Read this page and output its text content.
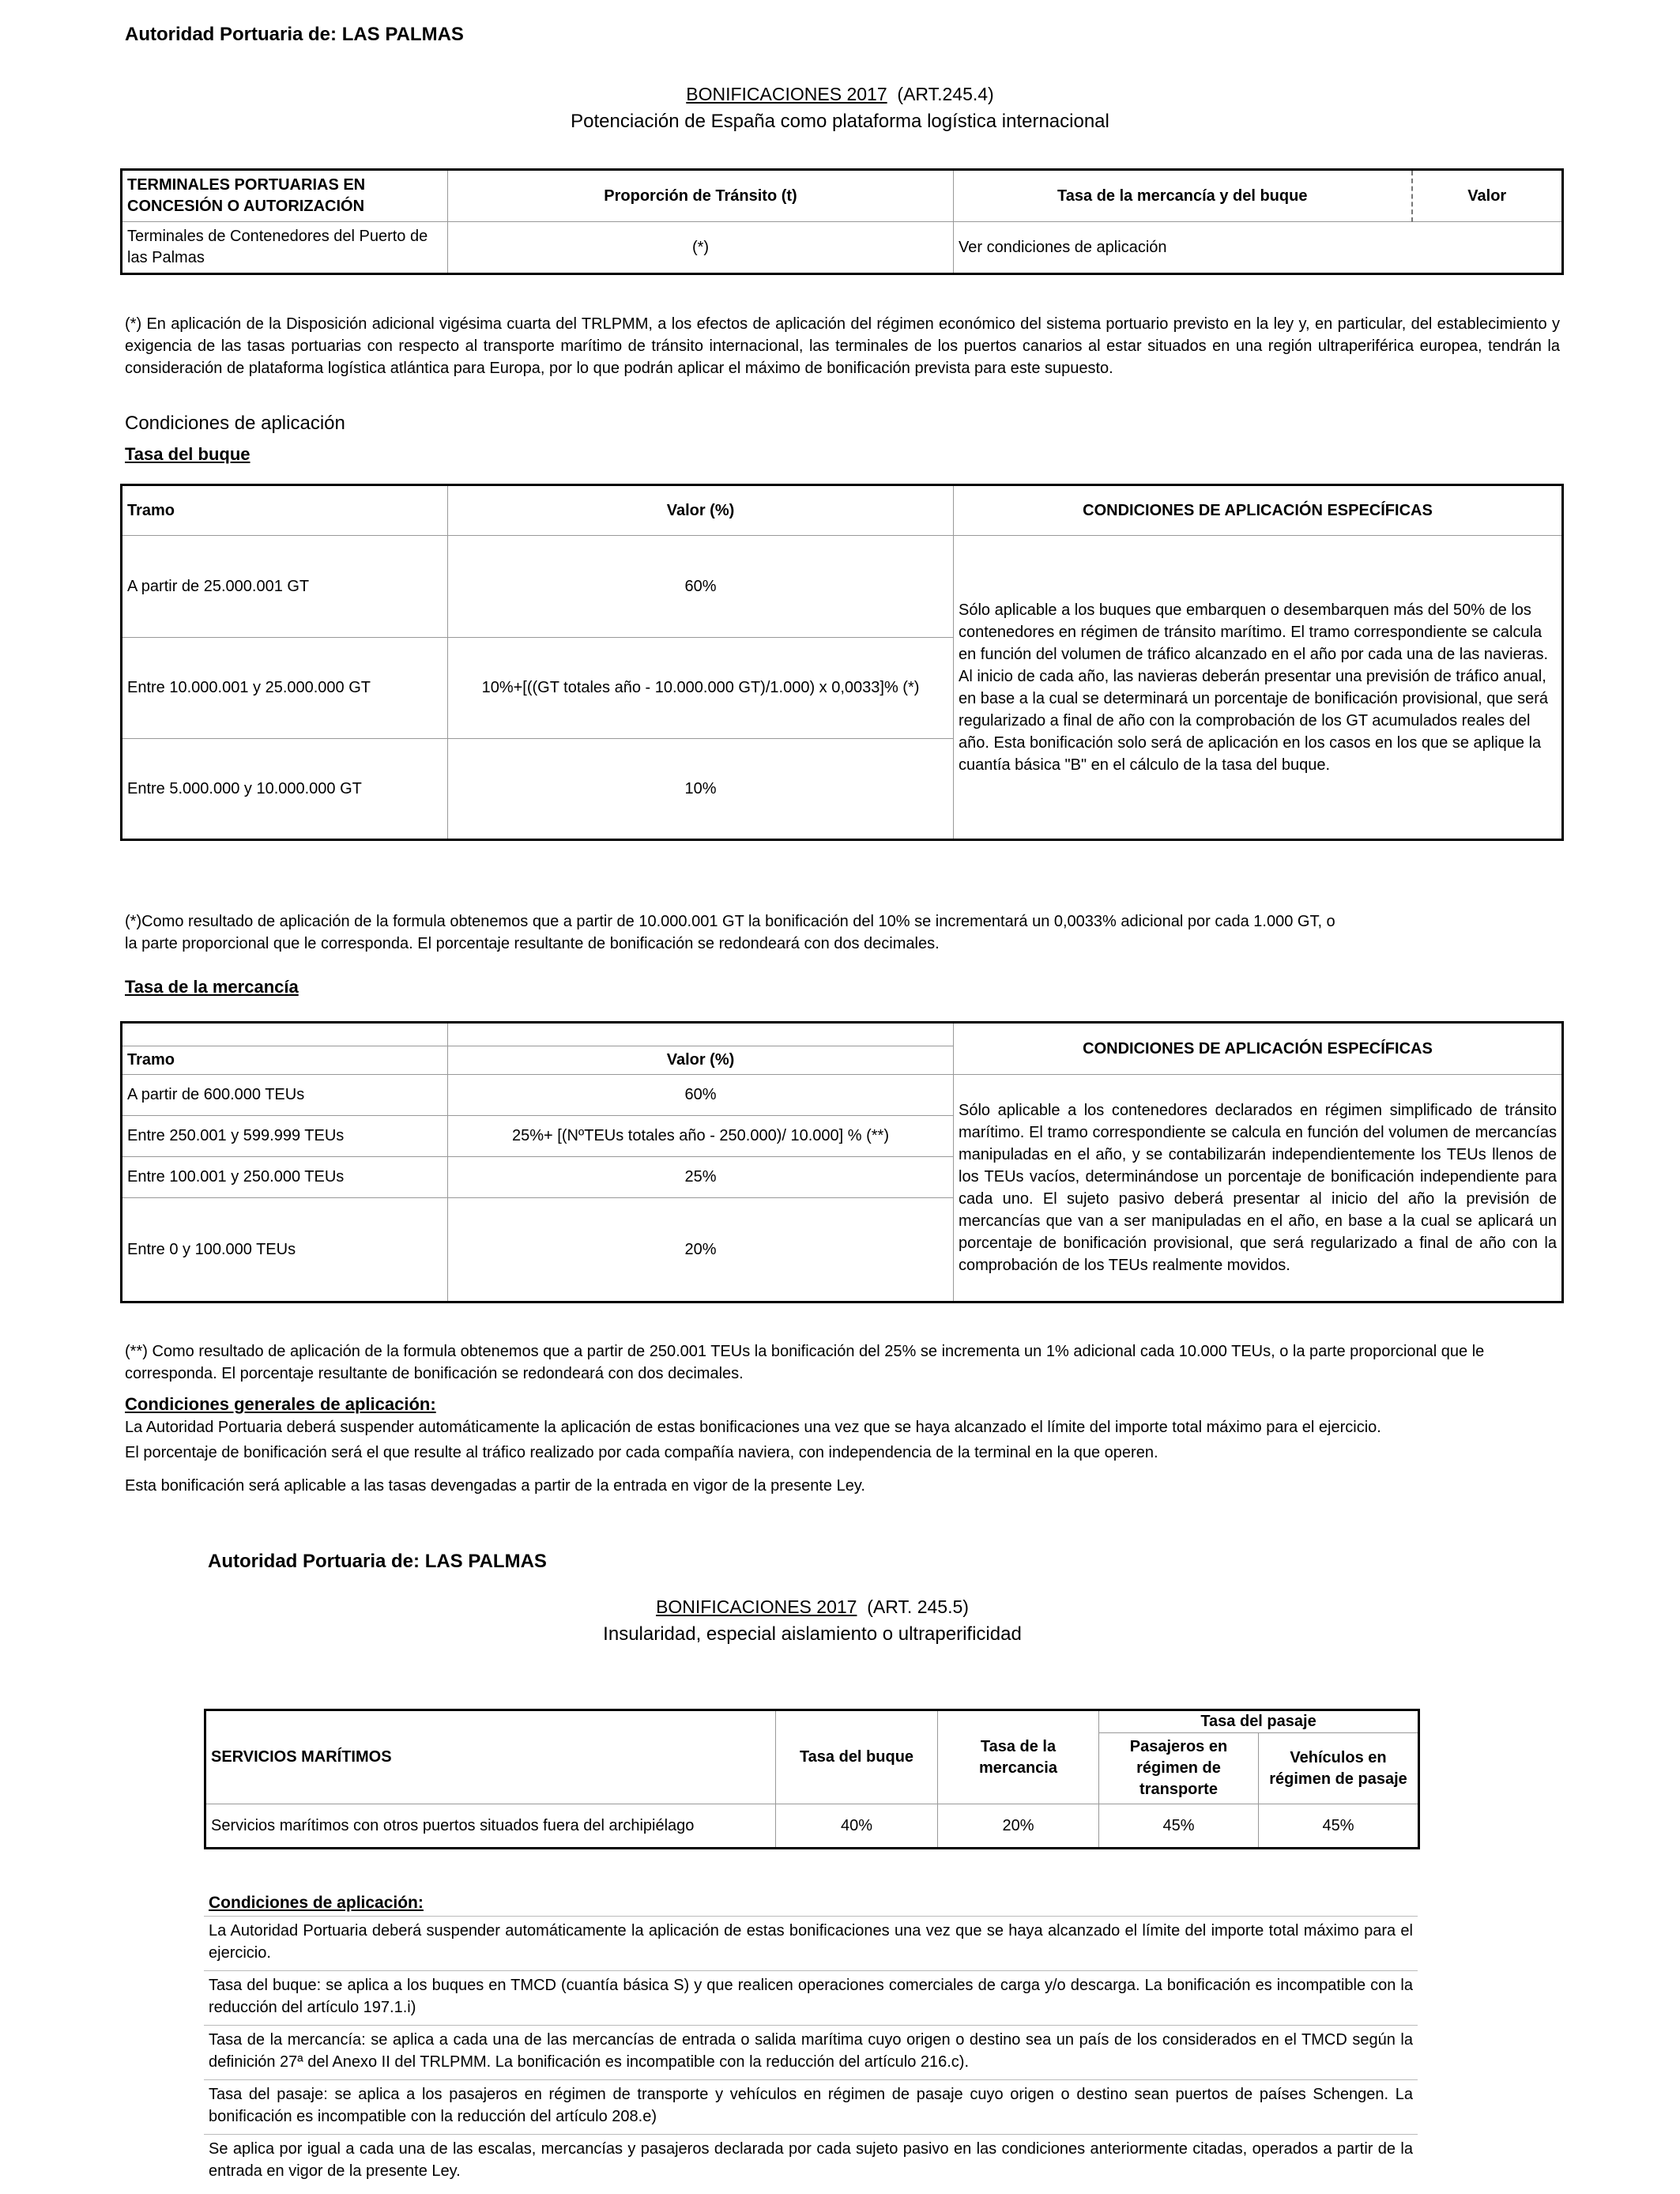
Autoridad Portuaria de: LAS PALMAS
BONIFICACIONES 2017 (ART.245.4)
Potenciación de España como plataforma logística internacional
TERMINALES PORTUARIAS EN CONCESIÓN O AUTORIZACIÓN	Proporción de Tránsito (t)	Tasa de la mercancía y del buque	Valor
Terminales de Contenedores del Puerto de las Palmas	(*)	Ver condiciones de aplicación	
(*) En aplicación de la Disposición adicional vigésima cuarta del TRLPMM, a los efectos de aplicación del régimen económico del sistema portuario previsto en la ley y, en particular, del establecimiento y exigencia de las tasas portuarias con respecto al transporte marítimo de tránsito internacional, las terminales de los puertos canarios al estar situados en una región ultraperiférica europea, tendrán la consideración de plataforma logística atlántica para Europa, por lo que podrán aplicar el máximo de bonificación prevista para este supuesto.
Condiciones de aplicación
Tasa del buque
Tramo	Valor (%)	CONDICIONES DE APLICACIÓN ESPECÍFICAS
A partir de 25.000.001 GT	60%	Sólo aplicable a los buques que embarquen o desembarquen más del 50% de los contenedores en régimen de tránsito marítimo. El tramo correspondiente se calcula en función del volumen de tráfico alcanzado en el año por cada una de las navieras. Al inicio de cada año, las navieras deberán presentar una previsión de tráfico anual, en base a la cual se determinará un porcentaje de bonificación provisional, que será regularizado a final de año con la comprobación de los GT acumulados reales del año. Esta bonificación solo será de aplicación en los casos en los que se aplique la cuantía básica "B" en el cálculo de la tasa del buque.
Entre 10.000.001 y 25.000.000 GT	10%+[((GT totales año - 10.000.000 GT)/1.000) x 0,0033]% (*)	
Entre 5.000.000 y 10.000.000 GT	10%	
(*)Como resultado de aplicación de la formula obtenemos que a partir de 10.000.001 GT la bonificación del 10% se incrementará un 0,0033% adicional por cada 1.000 GT, o
la parte proporcional que le corresponda. El porcentaje resultante de bonificación se redondeará con dos decimales.
Tasa de la mercancía
		CONDICIONES DE APLICACIÓN ESPECÍFICAS
Tramo	Valor (%)	
A partir de 600.000 TEUs	60%	Sólo aplicable a los contenedores declarados en régimen simplificado de tránsito marítimo. El tramo correspondiente se calcula en función del volumen de mercancías manipuladas en el año, y se contabilizarán independientemente los TEUs llenos de los TEUs vacíos, determinándose un porcentaje de bonificación independiente para cada uno. El sujeto pasivo deberá presentar al inicio del año la previsión de mercancías que van a ser manipuladas en el año, en base a la cual se aplicará un porcentaje de bonificación provisional, que será regularizado a final de año con la comprobación de los TEUs realmente movidos.
Entre 250.001 y 599.999 TEUs	25%+ [(NºTEUs totales año - 250.000)/ 10.000] % (**)	
Entre 100.001 y 250.000 TEUs	25%	
Entre 0 y 100.000 TEUs	20%	
(**) Como resultado de aplicación de la formula obtenemos que a partir de 250.001 TEUs la bonificación del 25% se incrementa un 1% adicional cada 10.000 TEUs, o la parte proporcional que le corresponda. El porcentaje resultante de bonificación se redondeará con dos decimales.
Condiciones generales de aplicación:
La Autoridad Portuaria deberá suspender automáticamente la aplicación de estas bonificaciones una vez que se haya alcanzado el límite del importe total máximo para el ejercicio.
El porcentaje de bonificación será el que resulte al tráfico realizado por cada compañía naviera, con independencia de la terminal en la que operen.
Esta bonificación será aplicable a las tasas devengadas a partir de la entrada en vigor de la presente Ley.
Autoridad Portuaria de: LAS PALMAS
BONIFICACIONES 2017 (ART. 245.5)
Insularidad, especial aislamiento o ultraperificidad
SERVICIOS MARÍTIMOS	Tasa del buque	Tasa de la mercancia	Tasa del pasaje	
			Pasajeros en régimen de transporte	Vehículos en régimen de pasaje
Servicios marítimos con otros puertos situados fuera del archipiélago	40%	20%	45%	45%
Condiciones de aplicación:
La Autoridad Portuaria deberá suspender automáticamente la aplicación de estas bonificaciones una vez que se haya alcanzado el límite del importe total máximo para el ejercicio.
Tasa del buque: se aplica a los buques en TMCD (cuantía básica S) y que realicen operaciones comerciales de carga y/o descarga. La bonificación es incompatible con la reducción del artículo 197.1.i)
Tasa de la mercancía: se aplica a cada una de las mercancías de entrada o salida marítima cuyo origen o destino sea un país de los considerados en el TMCD según la definición 27ª del Anexo II del TRLPMM. La bonificación es incompatible con la reducción del artículo 216.c).
Tasa del pasaje: se aplica a los pasajeros en régimen de transporte y vehículos en régimen de pasaje cuyo origen o destino sean puertos de países Schengen. La bonificación es incompatible con la reducción del artículo 208.e)
Se aplica por igual a cada una de las escalas, mercancías y pasajeros declarada por cada sujeto pasivo en las condiciones anteriormente citadas, operados a partir de la entrada en vigor de la presente Ley.
